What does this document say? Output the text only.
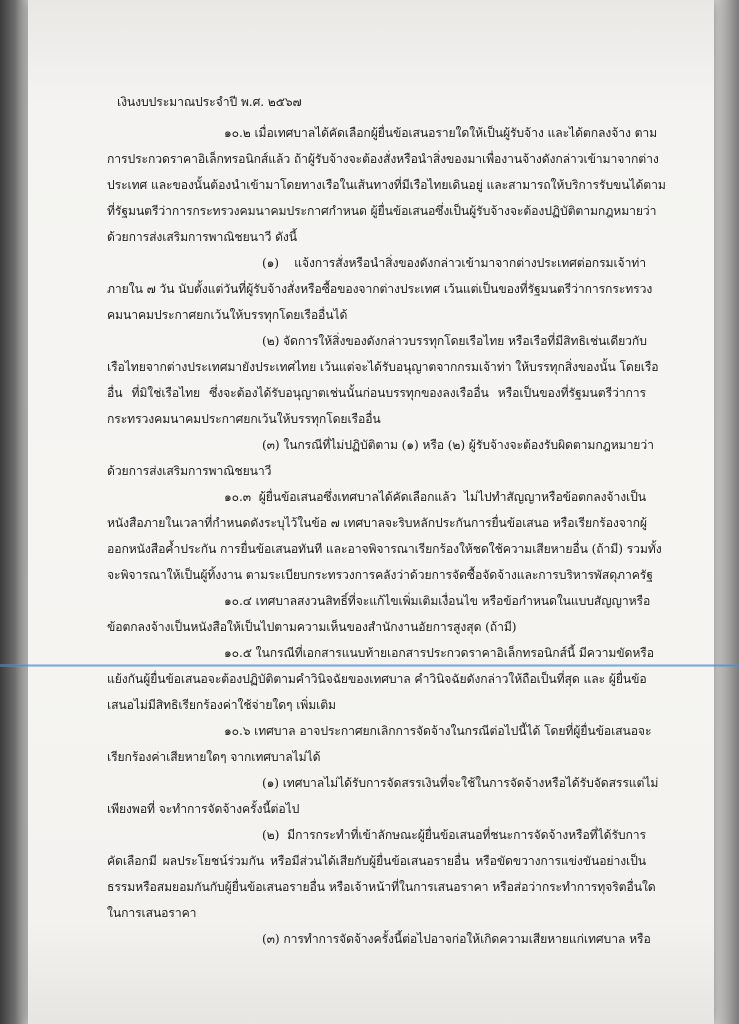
เงินงบประมาณประจำปี พ.ศ. ๒๕๖๗
๑๐.๒ เมื่อเทศบาลได้คัดเลือกผู้ยื่นข้อเสนอรายใดให้เป็นผู้รับจ้าง และได้ตกลงจ้าง ตาม
การประกวดราคาอิเล็กทรอนิกส์แล้ว ถ้าผู้รับจ้างจะต้องสั่งหรือนำสิ่งของมาเพื่องานจ้างดังกล่าวเข้ามาจากต่าง
ประเทศ และของนั้นต้องนำเข้ามาโดยทางเรือในเส้นทางที่มีเรือไทยเดินอยู่ และสามารถให้บริการรับขนได้ตาม
ที่รัฐมนตรีว่าการกระทรวงคมนาคมประกาศกำหนด ผู้ยื่นข้อเสนอซึ่งเป็นผู้รับจ้างจะต้องปฏิบัติตามกฎหมายว่า
ด้วยการส่งเสริมการพาณิชยนาวี ดังนี้
(๑) แจ้งการสั่งหรือนำสิ่งของดังกล่าวเข้ามาจากต่างประเทศต่อกรมเจ้าท่า
ภายใน ๗ วัน นับตั้งแต่วันที่ผู้รับจ้างสั่งหรือซื้อของจากต่างประเทศ เว้นแต่เป็นของที่รัฐมนตรีว่าการกระทรวง
คมนาคมประกาศยกเว้นให้บรรทุกโดยเรืออื่นได้
(๒) จัดการให้สิ่งของดังกล่าวบรรทุกโดยเรือไทย หรือเรือที่มีสิทธิเช่นเดียวกับ
เรือไทยจากต่างประเทศมายังประเทศไทย เว้นแต่จะได้รับอนุญาตจากกรมเจ้าท่า ให้บรรทุกสิ่งของนั้น โดยเรือ
อื่น ที่มิใช่เรือไทย ซึ่งจะต้องได้รับอนุญาตเช่นนั้นก่อนบรรทุกของลงเรืออื่น หรือเป็นของที่รัฐมนตรีว่าการ
กระทรวงคมนาคมประกาศยกเว้นให้บรรทุกโดยเรืออื่น
(๓) ในกรณีที่ไม่ปฏิบัติตาม (๑) หรือ (๒) ผู้รับจ้างจะต้องรับผิดตามกฎหมายว่า
ด้วยการส่งเสริมการพาณิชยนาวี
๑๐.๓ ผู้ยื่นข้อเสนอซึ่งเทศบาลได้คัดเลือกแล้ว ไม่ไปทำสัญญาหรือข้อตกลงจ้างเป็น
หนังสือภายในเวลาที่กำหนดดังระบุไว้ในข้อ ๗ เทศบาลจะริบหลักประกันการยื่นข้อเสนอ หรือเรียกร้องจากผู้
ออกหนังสือค้ำประกัน การยื่นข้อเสนอทันที และอาจพิจารณาเรียกร้องให้ชดใช้ความเสียหายอื่น (ถ้ามี) รวมทั้ง
จะพิจารณาให้เป็นผู้ทิ้งงาน ตามระเบียบกระทรวงการคลังว่าด้วยการจัดซื้อจัดจ้างและการบริหารพัสดุภาครัฐ
๑๐.๔ เทศบาลสงวนสิทธิ์ที่จะแก้ไขเพิ่มเติมเงื่อนไข หรือข้อกำหนดในแบบสัญญาหรือ
ข้อตกลงจ้างเป็นหนังสือให้เป็นไปตามความเห็นของสำนักงานอัยการสูงสุด (ถ้ามี)
๑๐.๕ ในกรณีที่เอกสารแนบท้ายเอกสารประกวดราคาอิเล็กทรอนิกส์นี้ มีความขัดหรือ
แย้งกันผู้ยื่นข้อเสนอจะต้องปฏิบัติตามคำวินิจฉัยของเทศบาล คำวินิจฉัยดังกล่าวให้ถือเป็นที่สุด และ ผู้ยื่นข้อ
เสนอไม่มีสิทธิเรียกร้องค่าใช้จ่ายใดๆ เพิ่มเติม
๑๐.๖ เทศบาล อาจประกาศยกเลิกการจัดจ้างในกรณีต่อไปนี้ได้ โดยที่ผู้ยื่นข้อเสนอจะ
เรียกร้องค่าเสียหายใดๆ จากเทศบาลไม่ได้
(๑) เทศบาลไม่ได้รับการจัดสรรเงินที่จะใช้ในการจัดจ้างหรือได้รับจัดสรรแต่ไม่
เพียงพอที่ จะทำการจัดจ้างครั้งนี้ต่อไป
(๒) มีการกระทำที่เข้าลักษณะผู้ยื่นข้อเสนอที่ชนะการจัดจ้างหรือที่ได้รับการ
คัดเลือกมี ผลประโยชน์ร่วมกัน หรือมีส่วนได้เสียกับผู้ยื่นข้อเสนอรายอื่น หรือขัดขวางการแข่งขันอย่างเป็น
ธรรมหรือสมยอมกันกับผู้ยื่นข้อเสนอรายอื่น หรือเจ้าหน้าที่ในการเสนอราคา หรือส่อว่ากระทำการทุจริตอื่นใด
ในการเสนอราคา
(๓) การทำการจัดจ้างครั้งนี้ต่อไปอาจก่อให้เกิดความเสียหายแก่เทศบาล หรือ
